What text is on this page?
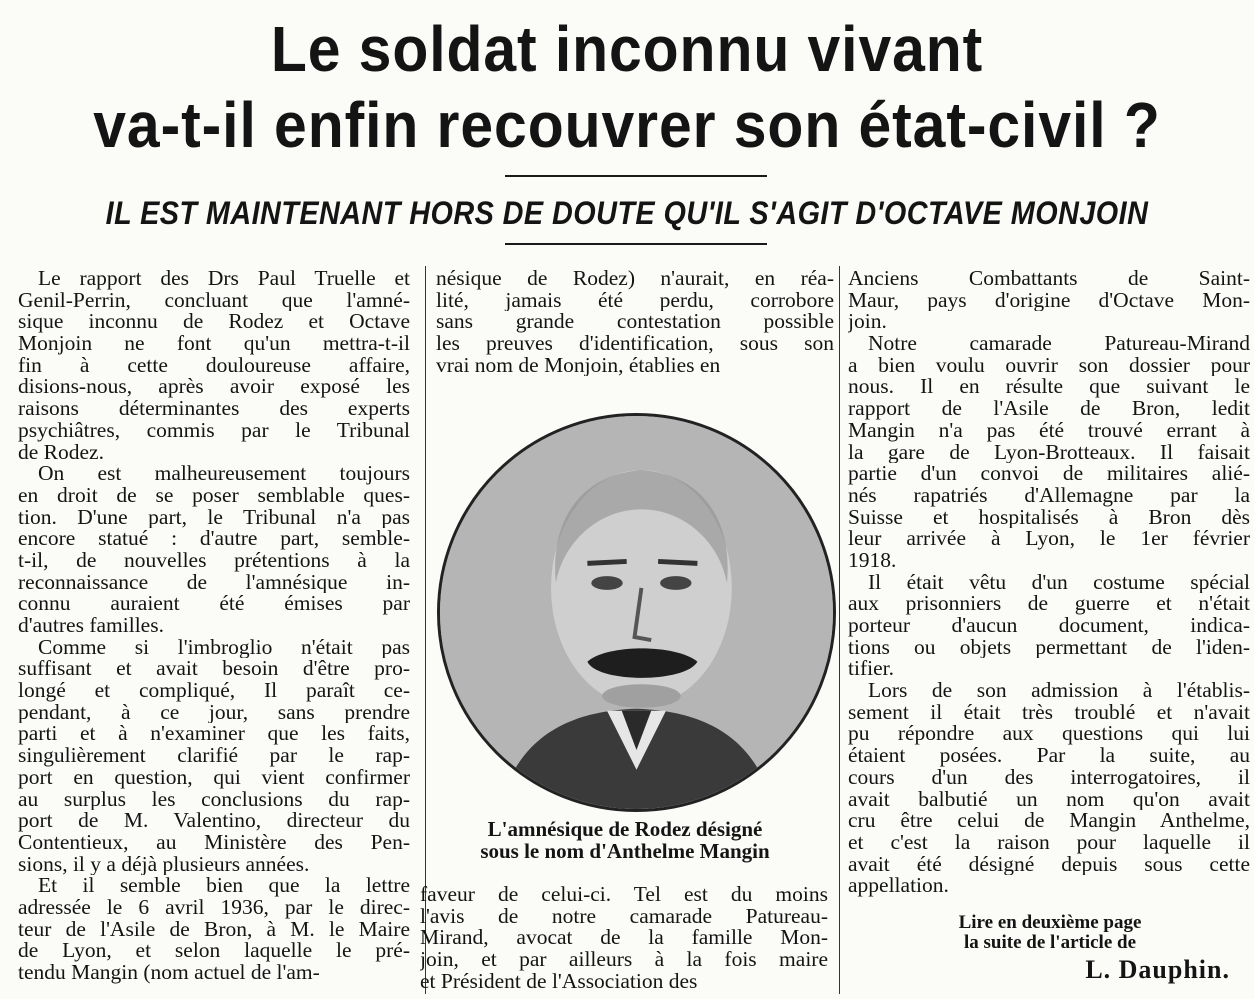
Le soldat inconnu vivant
va-t-il enfin recouvrer son état-civil ?
IL EST MAINTENANT HORS DE DOUTE QU'IL S'AGIT D'OCTAVE MONJOIN
Le rapport des Drs Paul Truelle et
Genil-Perrin, concluant que l'amné-
sique inconnu de Rodez et Octave
Monjoin ne font qu'un mettra-t-il
fin à cette douloureuse affaire,
disions-nous, après avoir exposé les
raisons déterminantes des experts
psychiâtres, commis par le Tribunal
de Rodez.
On est malheureusement toujours
en droit de se poser semblable ques-
tion. D'une part, le Tribunal n'a pas
encore statué : d'autre part, semble-
t-il, de nouvelles prétentions à la
reconnaissance de l'amnésique in-
connu auraient été émises par
d'autres familles.
Comme si l'imbroglio n'était pas
suffisant et avait besoin d'être pro-
longé et compliqué, Il paraît ce-
pendant, à ce jour, sans prendre
parti et à n'examiner que les faits,
singulièrement clarifié par le rap-
port en question, qui vient confirmer
au surplus les conclusions du rap-
port de M. Valentino, directeur du
Contentieux, au Ministère des Pen-
sions, il y a déjà plusieurs années.
Et il semble bien que la lettre
adressée le 6 avril 1936, par le direc-
teur de l'Asile de Bron, à M. le Maire
de Lyon, et selon laquelle le pré-
tendu Mangin (nom actuel de l'am-
nésique de Rodez) n'aurait, en réa-
lité, jamais été perdu, corrobore
sans grande contestation possible
les preuves d'identification, sous son
vrai nom de Monjoin, établies en
L'amnésique de Rodez désigné
sous le nom d'Anthelme Mangin
faveur de celui-ci. Tel est du moins
l'avis de notre camarade Patureau-
Mirand, avocat de la famille Mon-
join, et par ailleurs à la fois maire
et Président de l'Association des
Anciens Combattants de Saint-
Maur, pays d'origine d'Octave Mon-
join.
Notre camarade Patureau-Mirand
a bien voulu ouvrir son dossier pour
nous. Il en résulte que suivant le
rapport de l'Asile de Bron, ledit
Mangin n'a pas été trouvé errant à
la gare de Lyon-Brotteaux. Il faisait
partie d'un convoi de militaires alié-
nés rapatriés d'Allemagne par la
Suisse et hospitalisés à Bron dès
leur arrivée à Lyon, le 1er février
1918.
Il était vêtu d'un costume spécial
aux prisonniers de guerre et n'était
porteur d'aucun document, indica-
tions ou objets permettant de l'iden-
tifier.
Lors de son admission à l'établis-
sement il était très troublé et n'avait
pu répondre aux questions qui lui
étaient posées. Par la suite, au
cours d'un des interrogatoires, il
avait balbutié un nom qu'on avait
cru être celui de Mangin Anthelme,
et c'est la raison pour laquelle il
avait été désigné depuis sous cette
appellation.
Lire en deuxième page
la suite de l'article de
L. Dauphin.
